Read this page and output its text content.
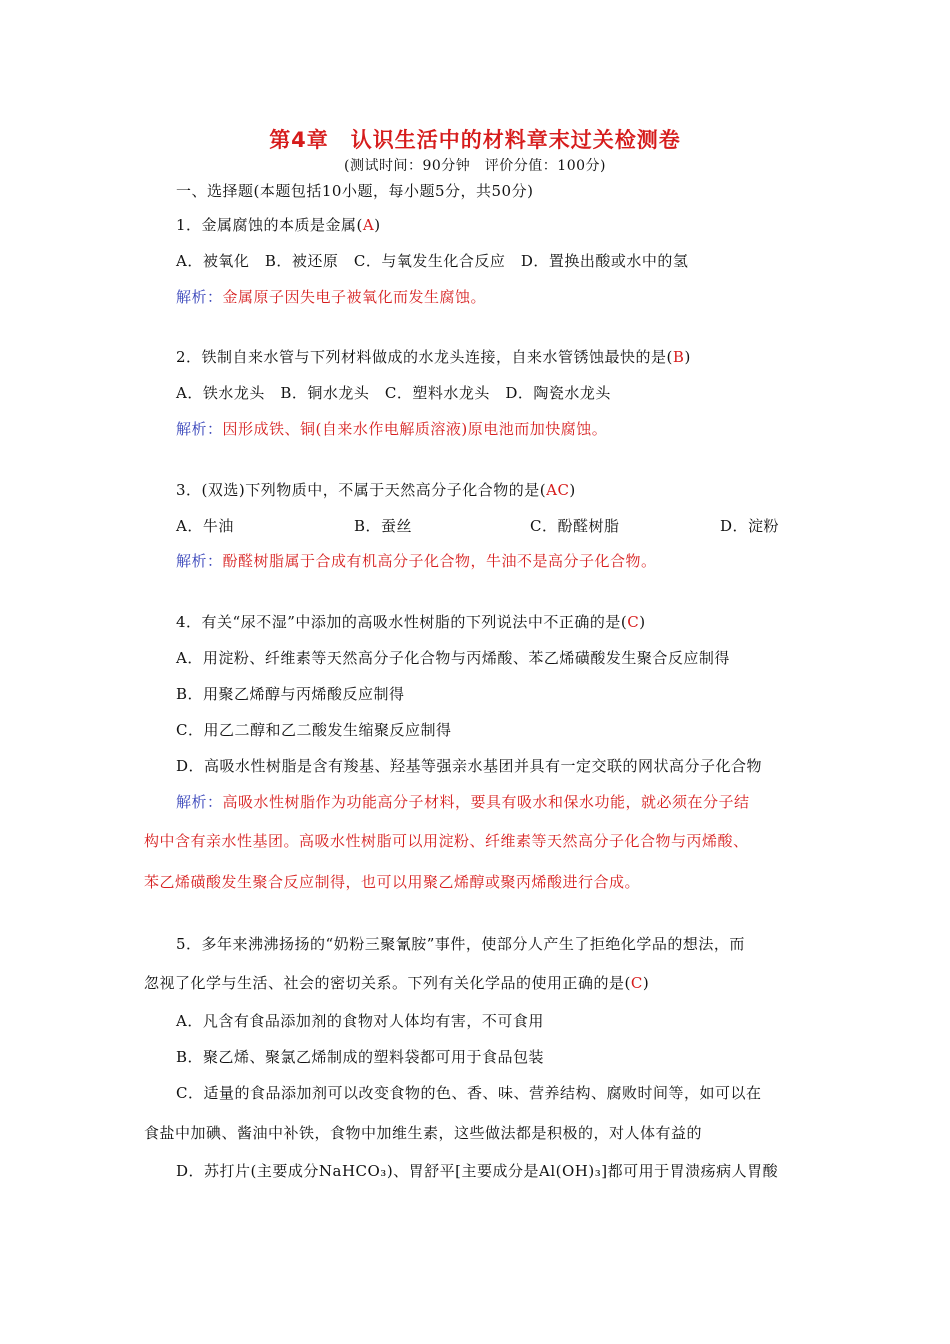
第4章　认识生活中的材料章末过关检测卷
(测试时间：90分钟　评价分值：100分)
一、选择题(本题包括10小题，每小题5分，共50分)
1．金属腐蚀的本质是金属(A)
A．被氧化　B．被还原　C．与氧发生化合反应　D．置换出酸或水中的氢
解析：金属原子因失电子被氧化而发生腐蚀。
2．铁制自来水管与下列材料做成的水龙头连接，自来水管锈蚀最快的是(B)
A．铁水龙头　B．铜水龙头　C．塑料水龙头　D．陶瓷水龙头
解析：因形成铁、铜(自来水作电解质溶液)原电池而加快腐蚀。
3．(双选)下列物质中，不属于天然高分子化合物的是(AC)
A．牛油	B．蚕丝	C．酚醛树脂	D．淀粉
解析：酚醛树脂属于合成有机高分子化合物，牛油不是高分子化合物。
4．有关“尿不湿”中添加的高吸水性树脂的下列说法中不正确的是(C)
A．用淀粉、纤维素等天然高分子化合物与丙烯酸、苯乙烯磺酸发生聚合反应制得
B．用聚乙烯醇与丙烯酸反应制得
C．用乙二醇和乙二酸发生缩聚反应制得
D．高吸水性树脂是含有羧基、羟基等强亲水基团并具有一定交联的网状高分子化合物
解析：高吸水性树脂作为功能高分子材料，要具有吸水和保水功能，就必须在分子结
构中含有亲水性基团。高吸水性树脂可以用淀粉、纤维素等天然高分子化合物与丙烯酸、
苯乙烯磺酸发生聚合反应制得，也可以用聚乙烯醇或聚丙烯酸进行合成。
5．多年来沸沸扬扬的“奶粉三聚氰胺”事件，使部分人产生了拒绝化学品的想法，而
忽视了化学与生活、社会的密切关系。下列有关化学品的使用正确的是(C)
A．凡含有食品添加剂的食物对人体均有害，不可食用
B．聚乙烯、聚氯乙烯制成的塑料袋都可用于食品包装
C．适量的食品添加剂可以改变食物的色、香、味、营养结构、腐败时间等，如可以在
食盐中加碘、酱油中补铁，食物中加维生素，这些做法都是积极的，对人体有益的
D．苏打片(主要成分NaHCO₃)、胃舒平[主要成分是Al(OH)₃]都可用于胃溃疡病人胃酸
